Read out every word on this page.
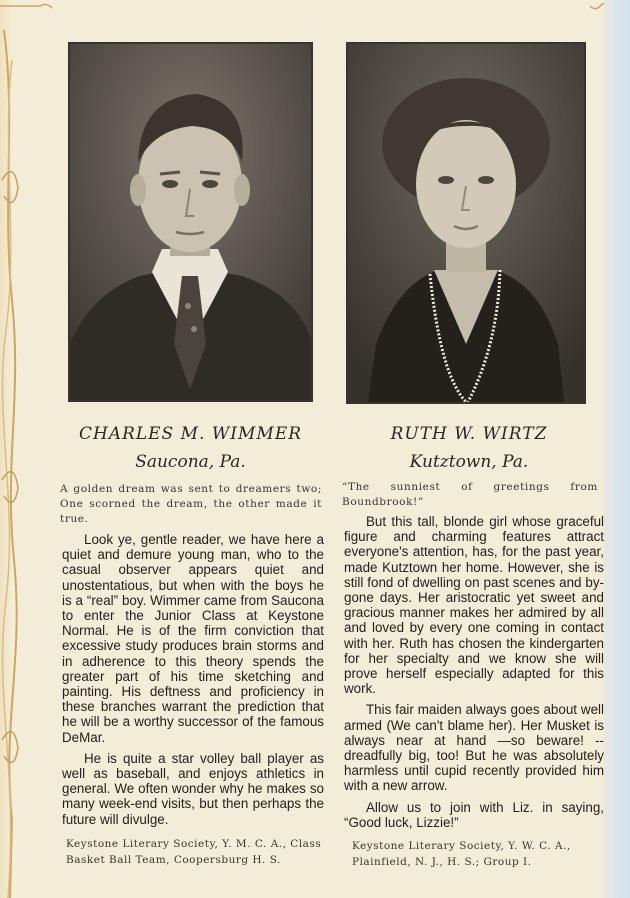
CHARLES M. WIMMER
Saucona, Pa.
A golden dream was sent to dreamers two; One scorned the dream, the other made it true.

Look ye, gentle reader, we have here a quiet and demure young man, who to the casual observer appears quiet and unostentatious, but when with the boys he is a “real” boy. Wimmer came from Saucona to enter the Junior Class at Keystone Normal. He is of the firm conviction that excessive study produces brain storms and in adherence to this theory spends the greater part of his time sketching and painting. His deftness and proficiency in these branches warrant the prediction that he will be a worthy successor of the famous DeMar.

He is quite a star volley ball player as well as baseball, and enjoys athletics in general. We often wonder why he makes so many week-end visits, but then perhaps the future will divulge.

Keystone Literary Society, Y. M. C. A., Class Basket Ball Team, Coopersburg H. S.
RUTH W. WIRTZ
Kutztown, Pa.
“The sunniest of greetings from Boundbrook!”

But this tall, blonde girl whose graceful figure and charming features attract everyone's attention, has, for the past year, made Kutztown her home. However, she is still fond of dwelling on past scenes and by-gone days. Her aristocratic yet sweet and gracious manner makes her admired by all and loved by every one coming in contact with her. Ruth has chosen the kindergarten for her specialty and we know she will prove herself especially adapted for this work.

This fair maiden always goes about well armed (We can't blame her). Her Musket is always near at hand —so beware! -- dreadfully big, too! But he was absolutely harmless until cupid recently provided him with a new arrow.

Allow us to join with Liz. in saying, “Good luck, Lizzie!”

Keystone Literary Society, Y. W. C. A., Plainfield, N. J., H. S.; Group I.
